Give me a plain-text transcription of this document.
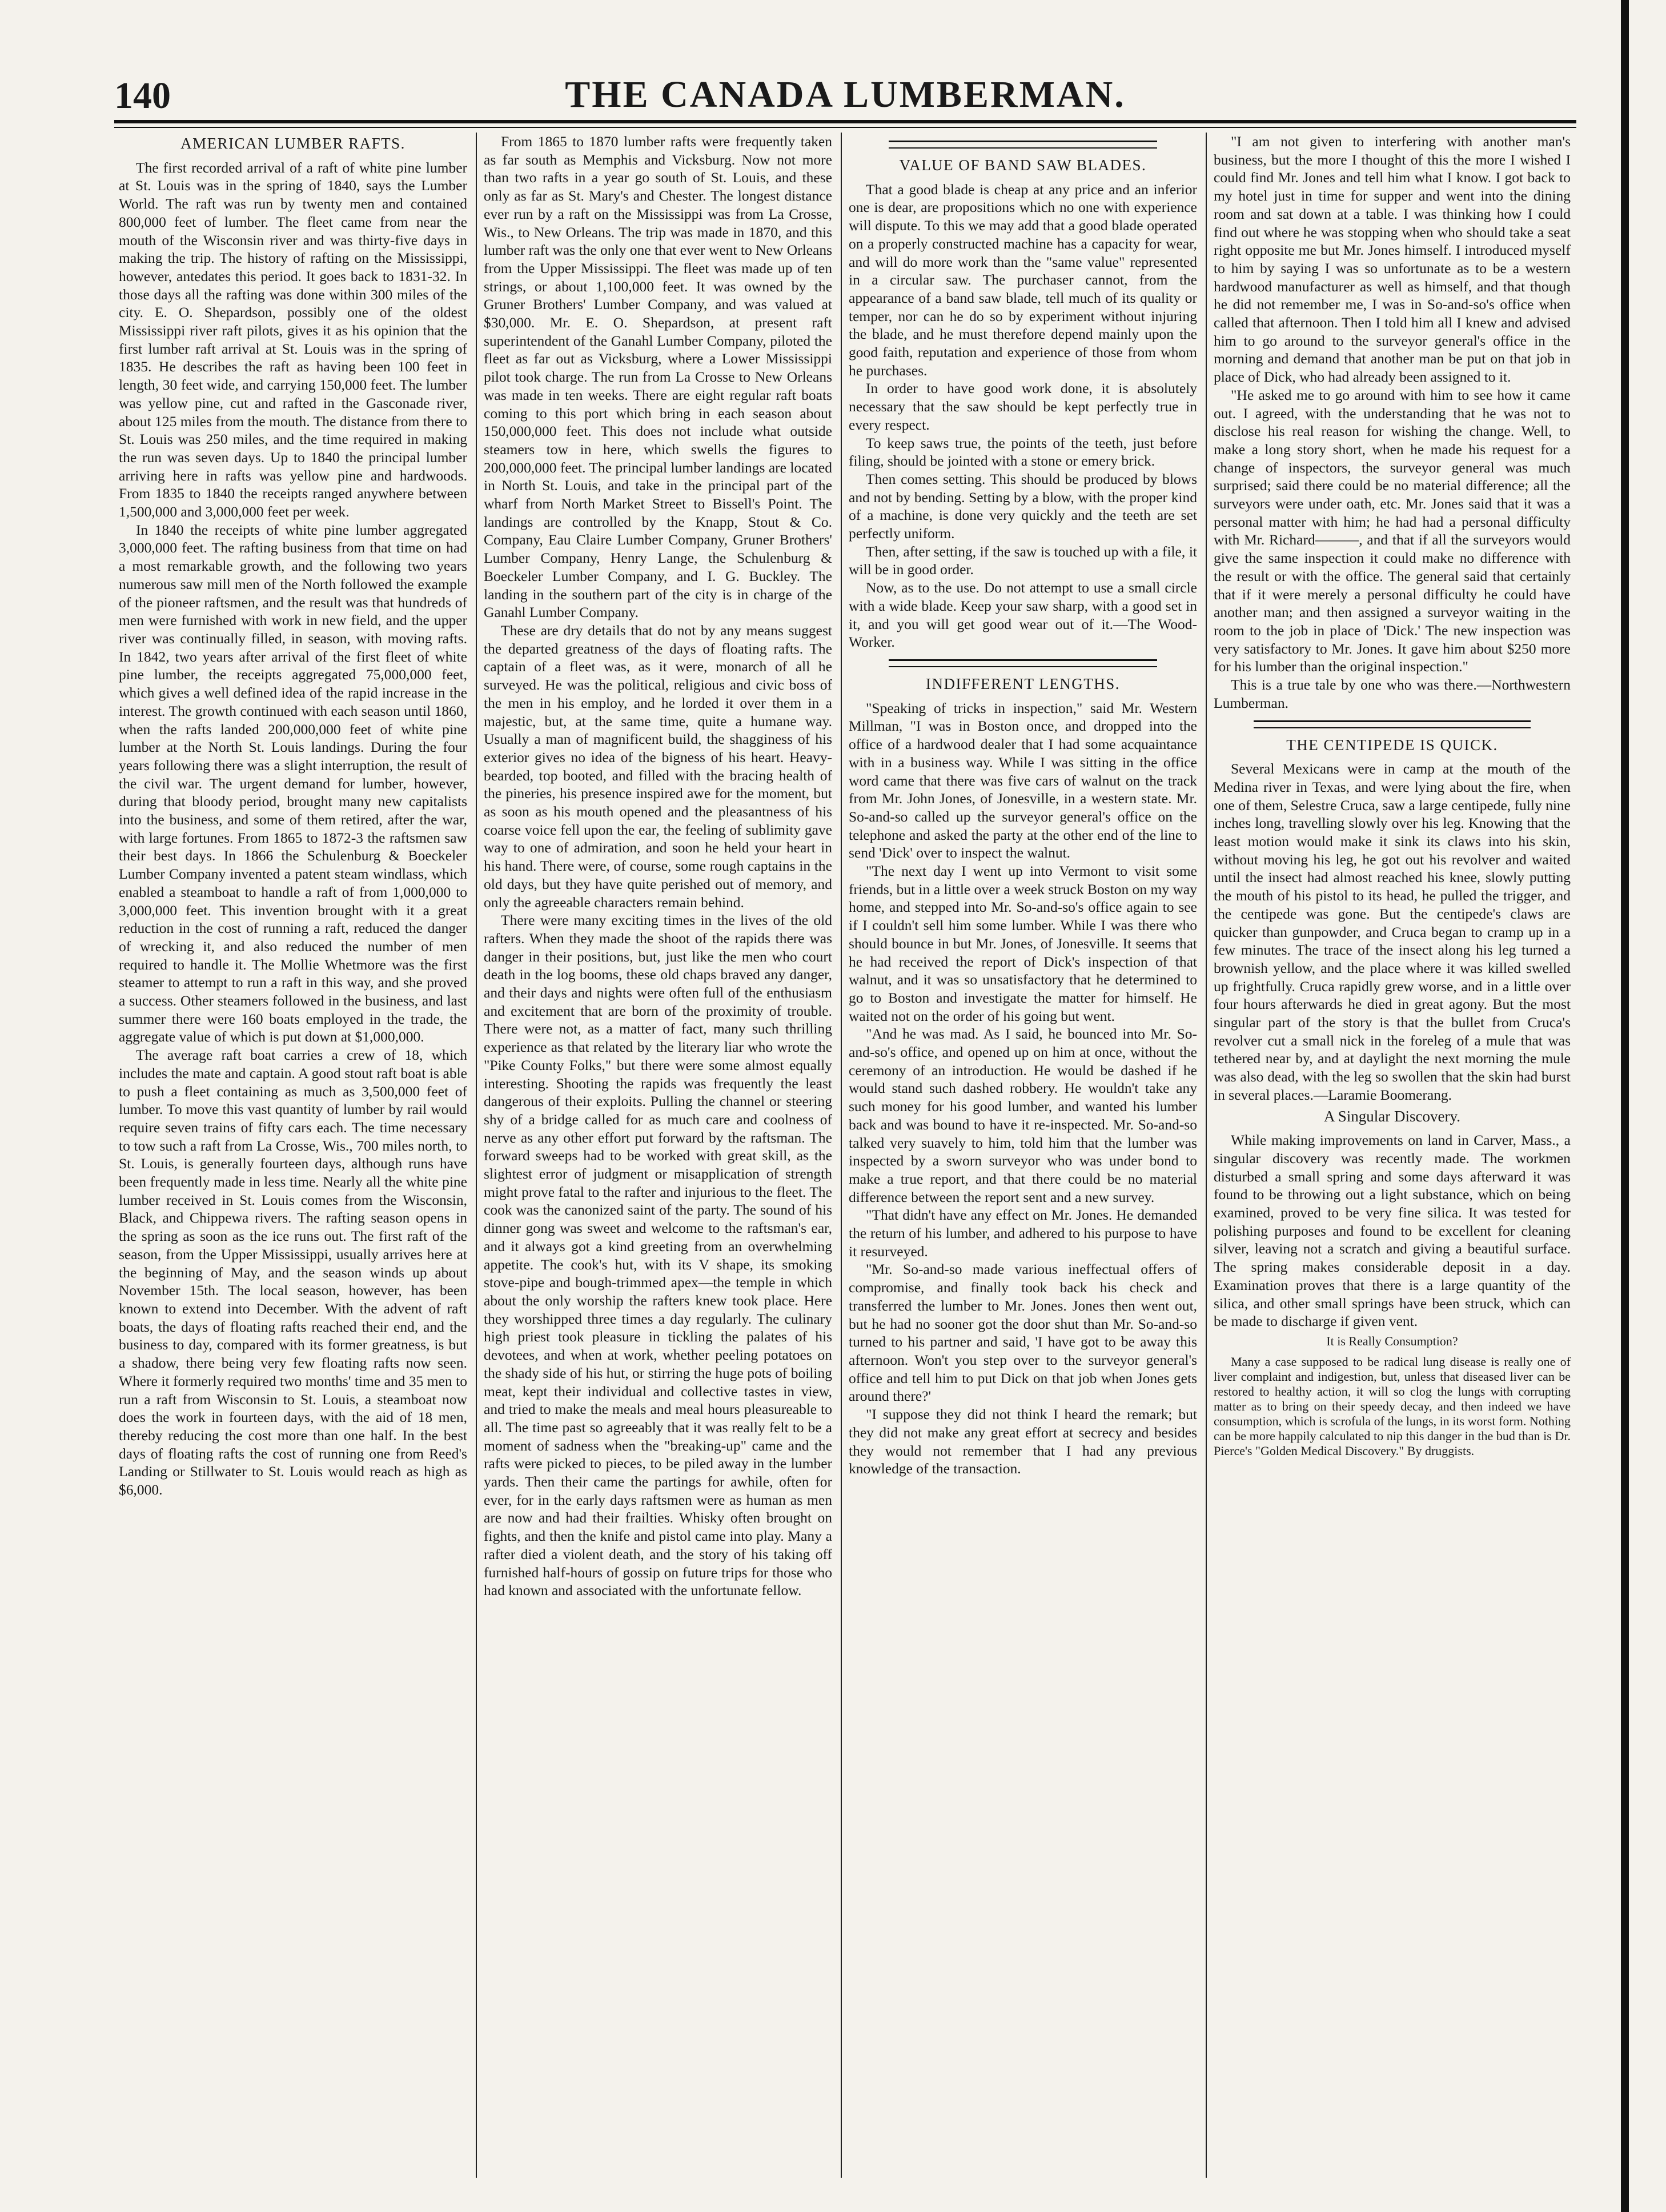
140	THE CANADA LUMBERMAN.
AMERICAN LUMBER RAFTS.

The first recorded arrival of a raft of white pine lumber at St. Louis was in the spring of 1840, says the Lumber World. The raft was run by twenty men and contained 800,000 feet of lumber. The fleet came from near the mouth of the Wisconsin river and was thirty-five days in making the trip. The history of rafting on the Mississippi, however, antedates this period. It goes back to 1831-32. In those days all the rafting was done within 300 miles of the city. E. O. Shepardson, possibly one of the oldest Mississippi river raft pilots, gives it as his opinion that the first lumber raft arrival at St. Louis was in the spring of 1835. He describes the raft as having been 100 feet in length, 30 feet wide, and carrying 150,000 feet. The lumber was yellow pine, cut and rafted in the Gasconade river, about 125 miles from the mouth. The distance from there to St. Louis was 250 miles, and the time required in making the run was seven days. Up to 1840 the principal lumber arriving here in rafts was yellow pine and hardwoods. From 1835 to 1840 the receipts ranged anywhere between 1,500,000 and 3,000,000 feet per week.

In 1840 the receipts of white pine lumber aggregated 3,000,000 feet. The rafting business from that time on had a most remarkable growth, and the following two years numerous saw mill men of the North followed the example of the pioneer raftsmen, and the result was that hundreds of men were furnished with work in new field, and the upper river was continually filled, in season, with moving rafts. In 1842, two years after arrival of the first fleet of white pine lumber, the receipts aggregated 75,000,000 feet, which gives a well defined idea of the rapid increase in the interest. The growth continued with each season until 1860, when the rafts landed 200,000,000 feet of white pine lumber at the North St. Louis landings. During the four years following there was a slight interruption, the result of the civil war. The urgent demand for lumber, however, during that bloody period, brought many new capitalists into the business, and some of them retired, after the war, with large fortunes. From 1865 to 1872-3 the raftsmen saw their best days. In 1866 the Schulenburg & Boeckeler Lumber Company invented a patent steam windlass, which enabled a steamboat to handle a raft of from 1,000,000 to 3,000,000 feet. This invention brought with it a great reduction in the cost of running a raft, reduced the danger of wrecking it, and also reduced the number of men required to handle it. The Mollie Whetmore was the first steamer to attempt to run a raft in this way, and she proved a success. Other steamers followed in the business, and last summer there were 160 boats employed in the trade, the aggregate value of which is put down at $1,000,000.

The average raft boat carries a crew of 18, which includes the mate and captain. A good stout raft boat is able to push a fleet containing as much as 3,500,000 feet of lumber. To move this vast quantity of lumber by rail would require seven trains of fifty cars each. The time necessary to tow such a raft from La Crosse, Wis., 700 miles north, to St. Louis, is generally fourteen days, although runs have been frequently made in less time. Nearly all the white pine lumber received in St. Louis comes from the Wisconsin, Black, and Chippewa rivers. The rafting season opens in the spring as soon as the ice runs out. The first raft of the season, from the Upper Mississippi, usually arrives here at the beginning of May, and the season winds up about November 15th. The local season, however, has been known to extend into December. With the advent of raft boats, the days of floating rafts reached their end, and the business to day, compared with its former greatness, is but a shadow, there being very few floating rafts now seen. Where it formerly required two months' time and 35 men to run a raft from Wisconsin to St. Louis, a steamboat now does the work in fourteen days, with the aid of 18 men, thereby reducing the cost more than one half. In the best days of floating rafts the cost of running one from Reed's Landing or Stillwater to St. Louis would reach as high as $6,000.

From 1865 to 1870 lumber rafts were frequently taken as far south as Memphis and Vicksburg. Now not more than two rafts in a year go south of St. Louis, and these only as far as St. Mary's and Chester. The longest distance ever run by a raft on the Mississippi was from La Crosse, Wis., to New Orleans. The trip was made in 1870, and this lumber raft was the only one that ever went to New Orleans from the Upper Mississippi. The fleet was made up of ten strings, or about 1,100,000 feet. It was owned by the Gruner Brothers' Lumber Company, and was valued at $30,000. Mr. E. O. Shepardson, at present raft superintendent of the Ganahl Lumber Company, piloted the fleet as far out as Vicksburg, where a Lower Mississippi pilot took charge. The run from La Crosse to New Orleans was made in ten weeks. There are eight regular raft boats coming to this port which bring in each season about 150,000,000 feet. This does not include what outside steamers tow in here, which swells the figures to 200,000,000 feet. The principal lumber landings are located in North St. Louis, and take in the principal part of the wharf from North Market Street to Bissell's Point. The landings are controlled by the Knapp, Stout & Co. Company, Eau Claire Lumber Company, Gruner Brothers' Lumber Company, Henry Lange, the Schulenburg & Boeckeler Lumber Company, and I. G. Buckley. The landing in the southern part of the city is in charge of the Ganahl Lumber Company.

These are dry details that do not by any means suggest the departed greatness of the days of floating rafts. The captain of a fleet was, as it were, monarch of all he surveyed. He was the political, religious and civic boss of the men in his employ, and he lorded it over them in a majestic, but, at the same time, quite a humane way. Usually a man of magnificent build, the shagginess of his exterior gives no idea of the bigness of his heart. Heavy-bearded, top booted, and filled with the bracing health of the pineries, his presence inspired awe for the moment, but as soon as his mouth opened and the pleasantness of his coarse voice fell upon the ear, the feeling of sublimity gave way to one of admiration, and soon he held your heart in his hand. There were, of course, some rough captains in the old days, but they have quite perished out of memory, and only the agreeable characters remain behind.

There were many exciting times in the lives of the old rafters. When they made the shoot of the rapids there was danger in their positions, but, just like the men who court death in the log booms, these old chaps braved any danger, and their days and nights were often full of the enthusiasm and excitement that are born of the proximity of trouble. There were not, as a matter of fact, many such thrilling experience as that related by the literary liar who wrote the "Pike County Folks," but there were some almost equally interesting. Shooting the rapids was frequently the least dangerous of their exploits. Pulling the channel or steering shy of a bridge called for as much care and coolness of nerve as any other effort put forward by the raftsman. The forward sweeps had to be worked with great skill, as the slightest error of judgment or misapplication of strength might prove fatal to the rafter and injurious to the fleet. The cook was the canonized saint of the party. The sound of his dinner gong was sweet and welcome to the raftsman's ear, and it always got a kind greeting from an overwhelming appetite. The cook's hut, with its V shape, its smoking stove-pipe and bough-trimmed apex—the temple in which about the only worship the rafters knew took place. Here they worshipped three times a day regularly. The culinary high priest took pleasure in tickling the palates of his devotees, and when at work, whether peeling potatoes on the shady side of his hut, or stirring the huge pots of boiling meat, kept their individual and collective tastes in view, and tried to make the meals and meal hours pleasureable to all. The time past so agreeably that it was really felt to be a moment of sadness when the "breaking-up" came and the rafts were picked to pieces, to be piled away in the lumber yards. Then their came the partings for awhile, often for ever, for in the early days raftsmen were as human as men are now and had their frailties. Whisky often brought on fights, and then the knife and pistol came into play. Many a rafter died a violent death, and the story of his taking off furnished half-hours of gossip on future trips for those who had known and associated with the unfortunate fellow.

VALUE OF BAND SAW BLADES.

That a good blade is cheap at any price and an inferior one is dear, are propositions which no one with experience will dispute. To this we may add that a good blade operated on a properly constructed machine has a capacity for wear, and will do more work than the "same value" represented in a circular saw. The purchaser cannot, from the appearance of a band saw blade, tell much of its quality or temper, nor can he do so by experiment without injuring the blade, and he must therefore depend mainly upon the good faith, reputation and experience of those from whom he purchases.

In order to have good work done, it is absolutely necessary that the saw should be kept perfectly true in every respect.

To keep saws true, the points of the teeth, just before filing, should be jointed with a stone or emery brick.

Then comes setting. This should be produced by blows and not by bending. Setting by a blow, with the proper kind of a machine, is done very quickly and the teeth are set perfectly uniform.

Then, after setting, if the saw is touched up with a file, it will be in good order.

Now, as to the use. Do not attempt to use a small circle with a wide blade. Keep your saw sharp, with a good set in it, and you will get good wear out of it.—The Wood-Worker.

INDIFFERENT LENGTHS.

"Speaking of tricks in inspection," said Mr. Western Millman, "I was in Boston once, and dropped into the office of a hardwood dealer that I had some acquaintance with in a business way. While I was sitting in the office word came that there was five cars of walnut on the track from Mr. John Jones, of Jonesville, in a western state. Mr. So-and-so called up the surveyor general's office on the telephone and asked the party at the other end of the line to send 'Dick' over to inspect the walnut.

"The next day I went up into Vermont to visit some friends, but in a little over a week struck Boston on my way home, and stepped into Mr. So-and-so's office again to see if I couldn't sell him some lumber. While I was there who should bounce in but Mr. Jones, of Jonesville. It seems that he had received the report of Dick's inspection of that walnut, and it was so unsatisfactory that he determined to go to Boston and investigate the matter for himself. He waited not on the order of his going but went.

"And he was mad. As I said, he bounced into Mr. So-and-so's office, and opened up on him at once, without the ceremony of an introduction. He would be dashed if he would stand such dashed robbery. He wouldn't take any such money for his good lumber, and wanted his lumber back and was bound to have it re-inspected. Mr. So-and-so talked very suavely to him, told him that the lumber was inspected by a sworn surveyor who was under bond to make a true report, and that there could be no material difference between the report sent and a new survey.

"That didn't have any effect on Mr. Jones. He demanded the return of his lumber, and adhered to his purpose to have it resurveyed.

"Mr. So-and-so made various ineffectual offers of compromise, and finally took back his check and transferred the lumber to Mr. Jones. Jones then went out, but he had no sooner got the door shut than Mr. So-and-so turned to his partner and said, 'I have got to be away this afternoon. Won't you step over to the surveyor general's office and tell him to put Dick on that job when Jones gets around there?'

"I suppose they did not think I heard the remark; but they did not make any great effort at secrecy and besides they would not remember that I had any previous knowledge of the transaction.

"I am not given to interfering with another man's business, but the more I thought of this the more I wished I could find Mr. Jones and tell him what I know. I got back to my hotel just in time for supper and went into the dining room and sat down at a table. I was thinking how I could find out where he was stopping when who should take a seat right opposite me but Mr. Jones himself. I introduced myself to him by saying I was so unfortunate as to be a western hardwood manufacturer as well as himself, and that though he did not remember me, I was in So-and-so's office when called that afternoon. Then I told him all I knew and advised him to go around to the surveyor general's office in the morning and demand that another man be put on that job in place of Dick, who had already been assigned to it.

"He asked me to go around with him to see how it came out. I agreed, with the understanding that he was not to disclose his real reason for wishing the change. Well, to make a long story short, when he made his request for a change of inspectors, the surveyor general was much surprised; said there could be no material difference; all the surveyors were under oath, etc. Mr. Jones said that it was a personal matter with him; he had had a personal difficulty with Mr. Richard———, and that if all the surveyors would give the same inspection it could make no difference with the result or with the office. The general said that certainly that if it were merely a personal difficulty he could have another man; and then assigned a surveyor waiting in the room to the job in place of 'Dick.' The new inspection was very satisfactory to Mr. Jones. It gave him about $250 more for his lumber than the original inspection."

This is a true tale by one who was there.—Northwestern Lumberman.

THE CENTIPEDE IS QUICK.

Several Mexicans were in camp at the mouth of the Medina river in Texas, and were lying about the fire, when one of them, Selestre Cruca, saw a large centipede, fully nine inches long, travelling slowly over his leg. Knowing that the least motion would make it sink its claws into his skin, without moving his leg, he got out his revolver and waited until the insect had almost reached his knee, slowly putting the mouth of his pistol to its head, he pulled the trigger, and the centipede was gone. But the centipede's claws are quicker than gunpowder, and Cruca began to cramp up in a few minutes. The trace of the insect along his leg turned a brownish yellow, and the place where it was killed swelled up frightfully. Cruca rapidly grew worse, and in a little over four hours afterwards he died in great agony. But the most singular part of the story is that the bullet from Cruca's revolver cut a small nick in the foreleg of a mule that was tethered near by, and at daylight the next morning the mule was also dead, with the leg so swollen that the skin had burst in several places.—Laramie Boomerang.

A Singular Discovery.

While making improvements on land in Carver, Mass., a singular discovery was recently made. The workmen disturbed a small spring and some days afterward it was found to be throwing out a light substance, which on being examined, proved to be very fine silica. It was tested for polishing purposes and found to be excellent for cleaning silver, leaving not a scratch and giving a beautiful surface. The spring makes considerable deposit in a day. Examination proves that there is a large quantity of the silica, and other small springs have been struck, which can be made to discharge if given vent.

It is Really Consumption?

Many a case supposed to be radical lung disease is really one of liver complaint and indigestion, but, unless that diseased liver can be restored to healthy action, it will so clog the lungs with corrupting matter as to bring on their speedy decay, and then indeed we have consumption, which is scrofula of the lungs, in its worst form. Nothing can be more happily calculated to nip this danger in the bud than is Dr. Pierce's "Golden Medical Discovery." By druggists.
